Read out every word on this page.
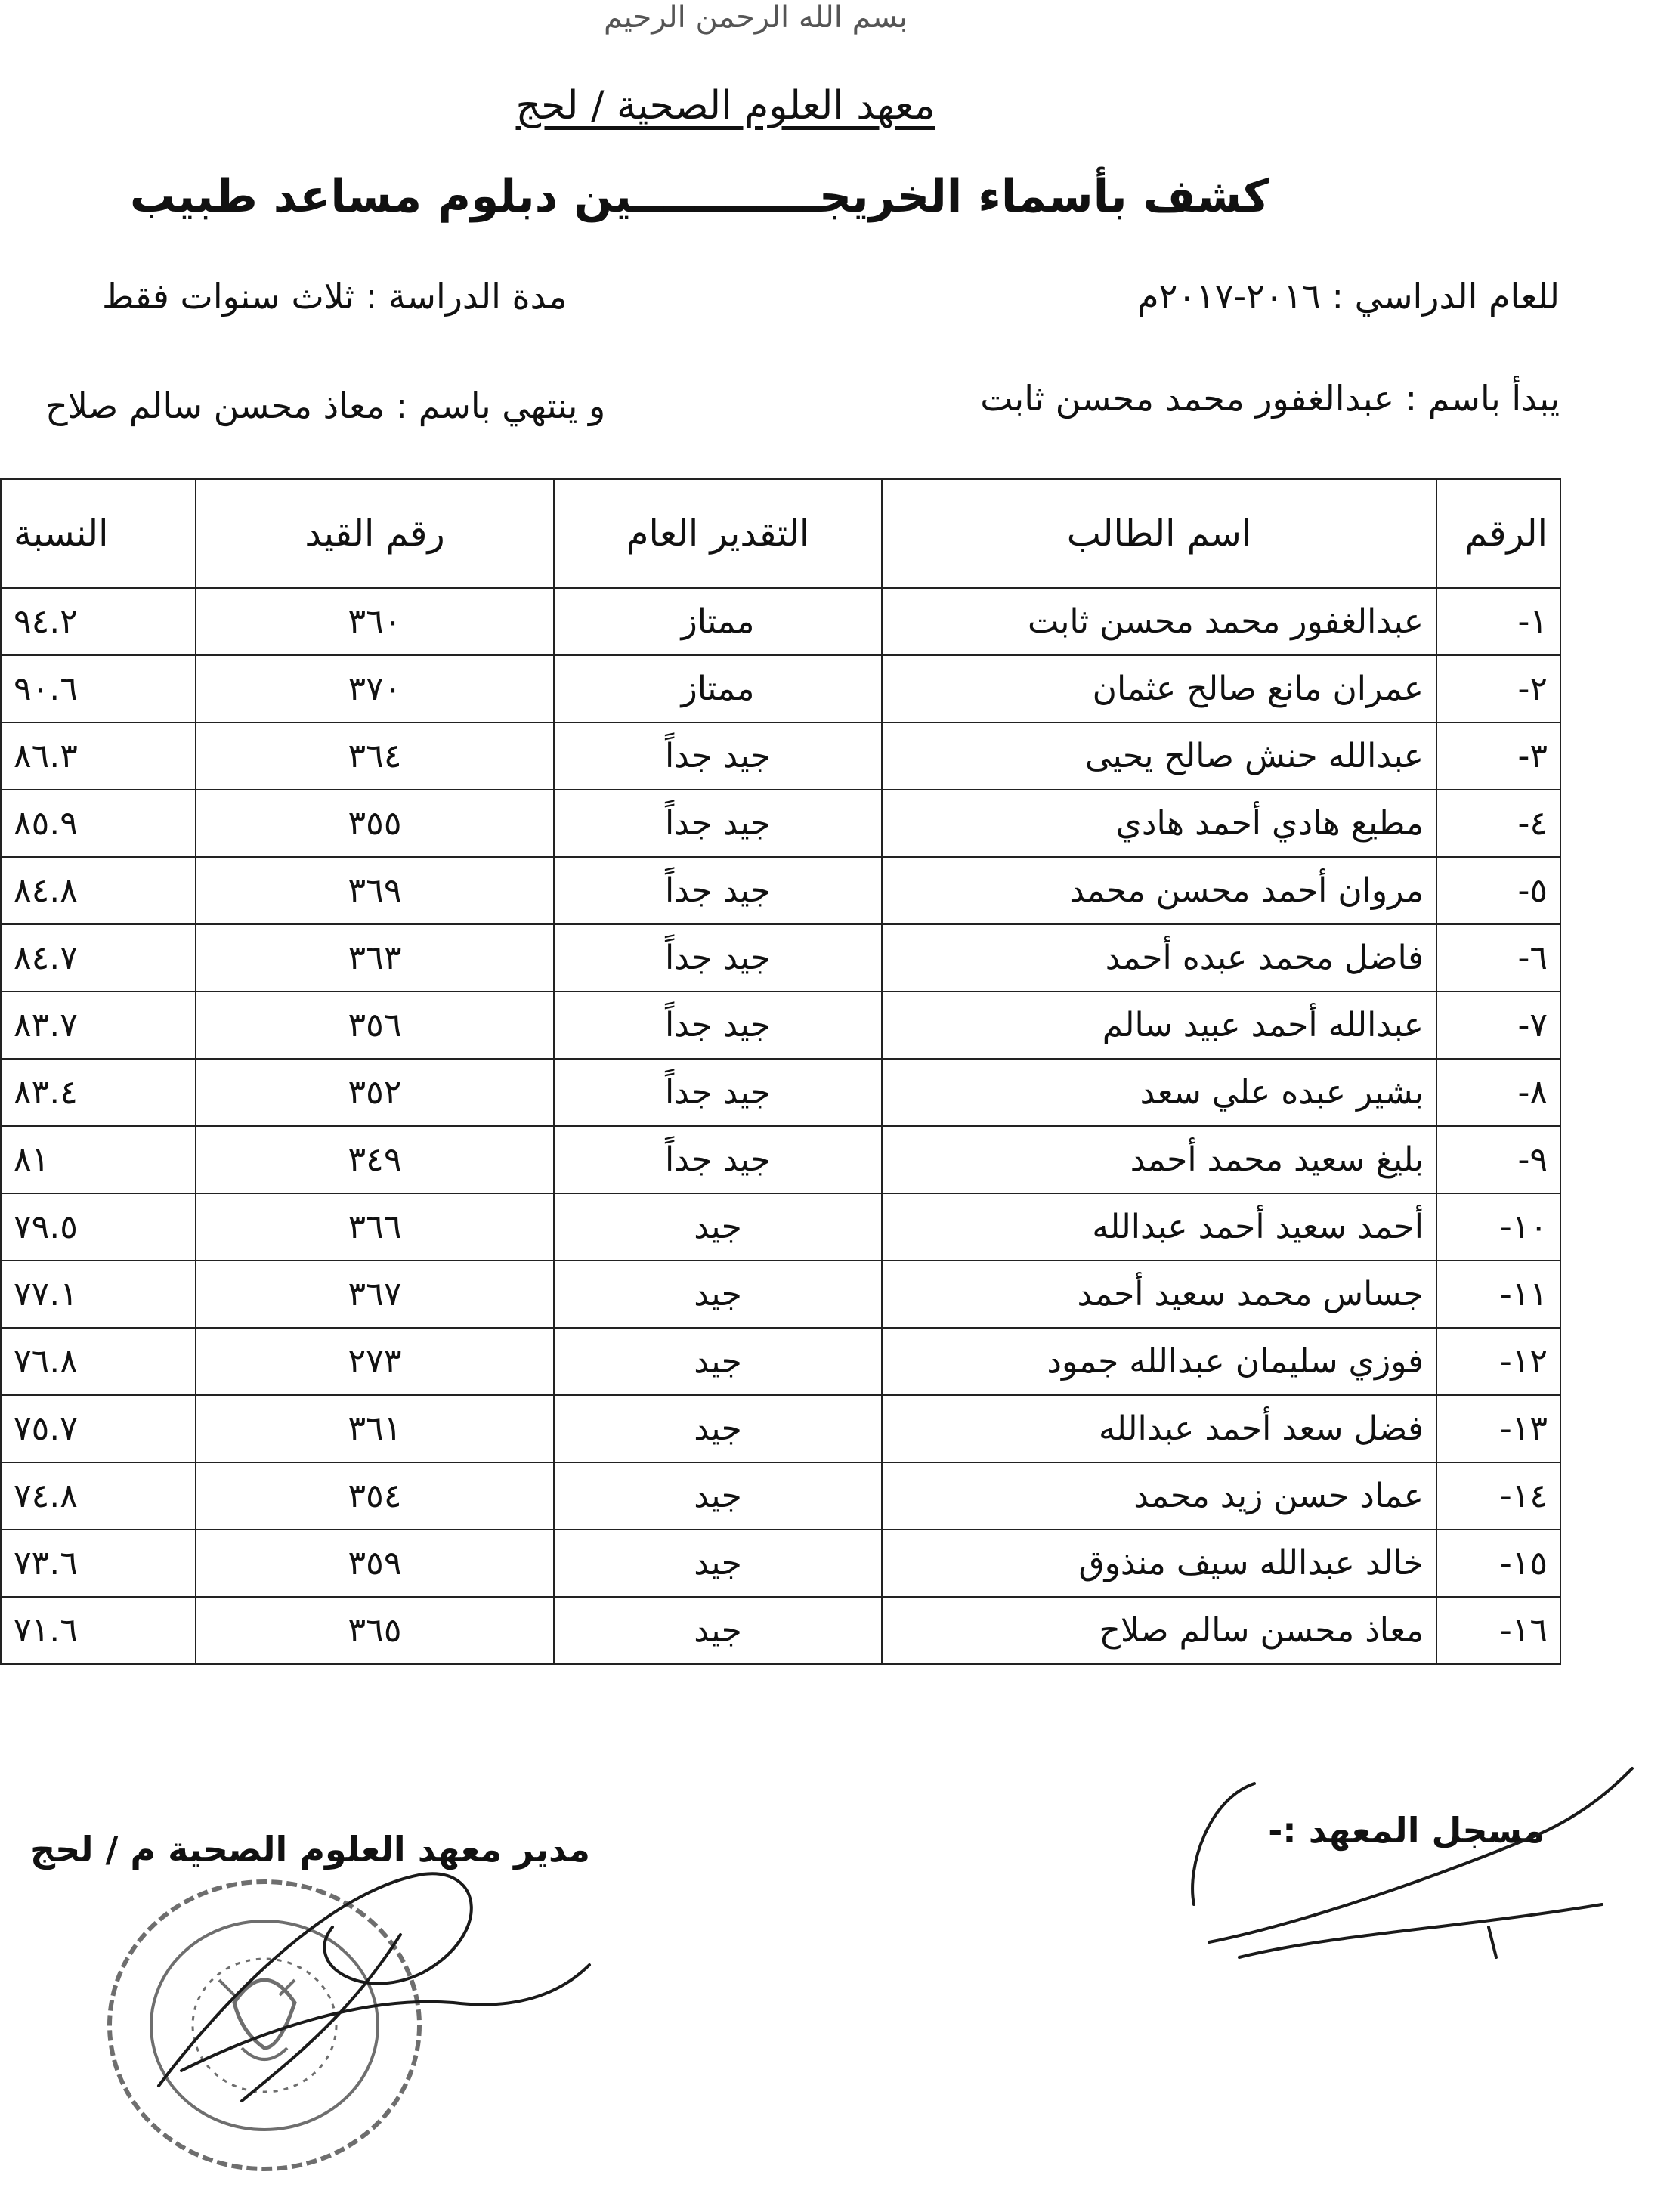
بسم الله الرحمن الرحيم
معهد العلوم الصحية / لحج
كشف بأسماء الخريجــــــــــــين دبلوم مساعد طبيب
للعام الدراسي : ٢٠١٦-٢٠١٧م
مدة الدراسة : ثلاث سنوات فقط
يبدأ باسم : عبدالغفور محمد محسن ثابت
و ينتهي باسم : معاذ محسن سالم صلاح
الرقم	اسم الطالب	التقدير العام	رقم القيد	النسبة
١-	عبدالغفور محمد محسن ثابت	ممتاز	٣٦٠	٩٤.٢
٢-	عمران مانع صالح عثمان	ممتاز	٣٧٠	٩٠.٦
٣-	عبدالله حنش صالح يحيى	جيد جداً	٣٦٤	٨٦.٣
٤-	مطيع هادي أحمد هادي	جيد جداً	٣٥٥	٨٥.٩
٥-	مروان أحمد محسن محمد	جيد جداً	٣٦٩	٨٤.٨
٦-	فاضل محمد عبده أحمد	جيد جداً	٣٦٣	٨٤.٧
٧-	عبدالله أحمد عبيد سالم	جيد جداً	٣٥٦	٨٣.٧
٨-	بشير عبده علي سعد	جيد جداً	٣٥٢	٨٣.٤
٩-	بليغ سعيد محمد أحمد	جيد جداً	٣٤٩	٨١
١٠-	أحمد سعيد أحمد عبدالله	جيد	٣٦٦	٧٩.٥
١١-	جساس محمد سعيد أحمد	جيد	٣٦٧	٧٧.١
١٢-	فوزي سليمان عبدالله جمود	جيد	٢٧٣	٧٦.٨
١٣-	فضل سعد أحمد عبدالله	جيد	٣٦١	٧٥.٧
١٤-	عماد حسن زيد محمد	جيد	٣٥٤	٧٤.٨
١٥-	خالد عبدالله سيف منذوق	جيد	٣٥٩	٧٣.٦
١٦-	معاذ محسن سالم صلاح	جيد	٣٦٥	٧١.٦
مسجل المعهد :-
مدير معهد العلوم الصحية م / لحج
